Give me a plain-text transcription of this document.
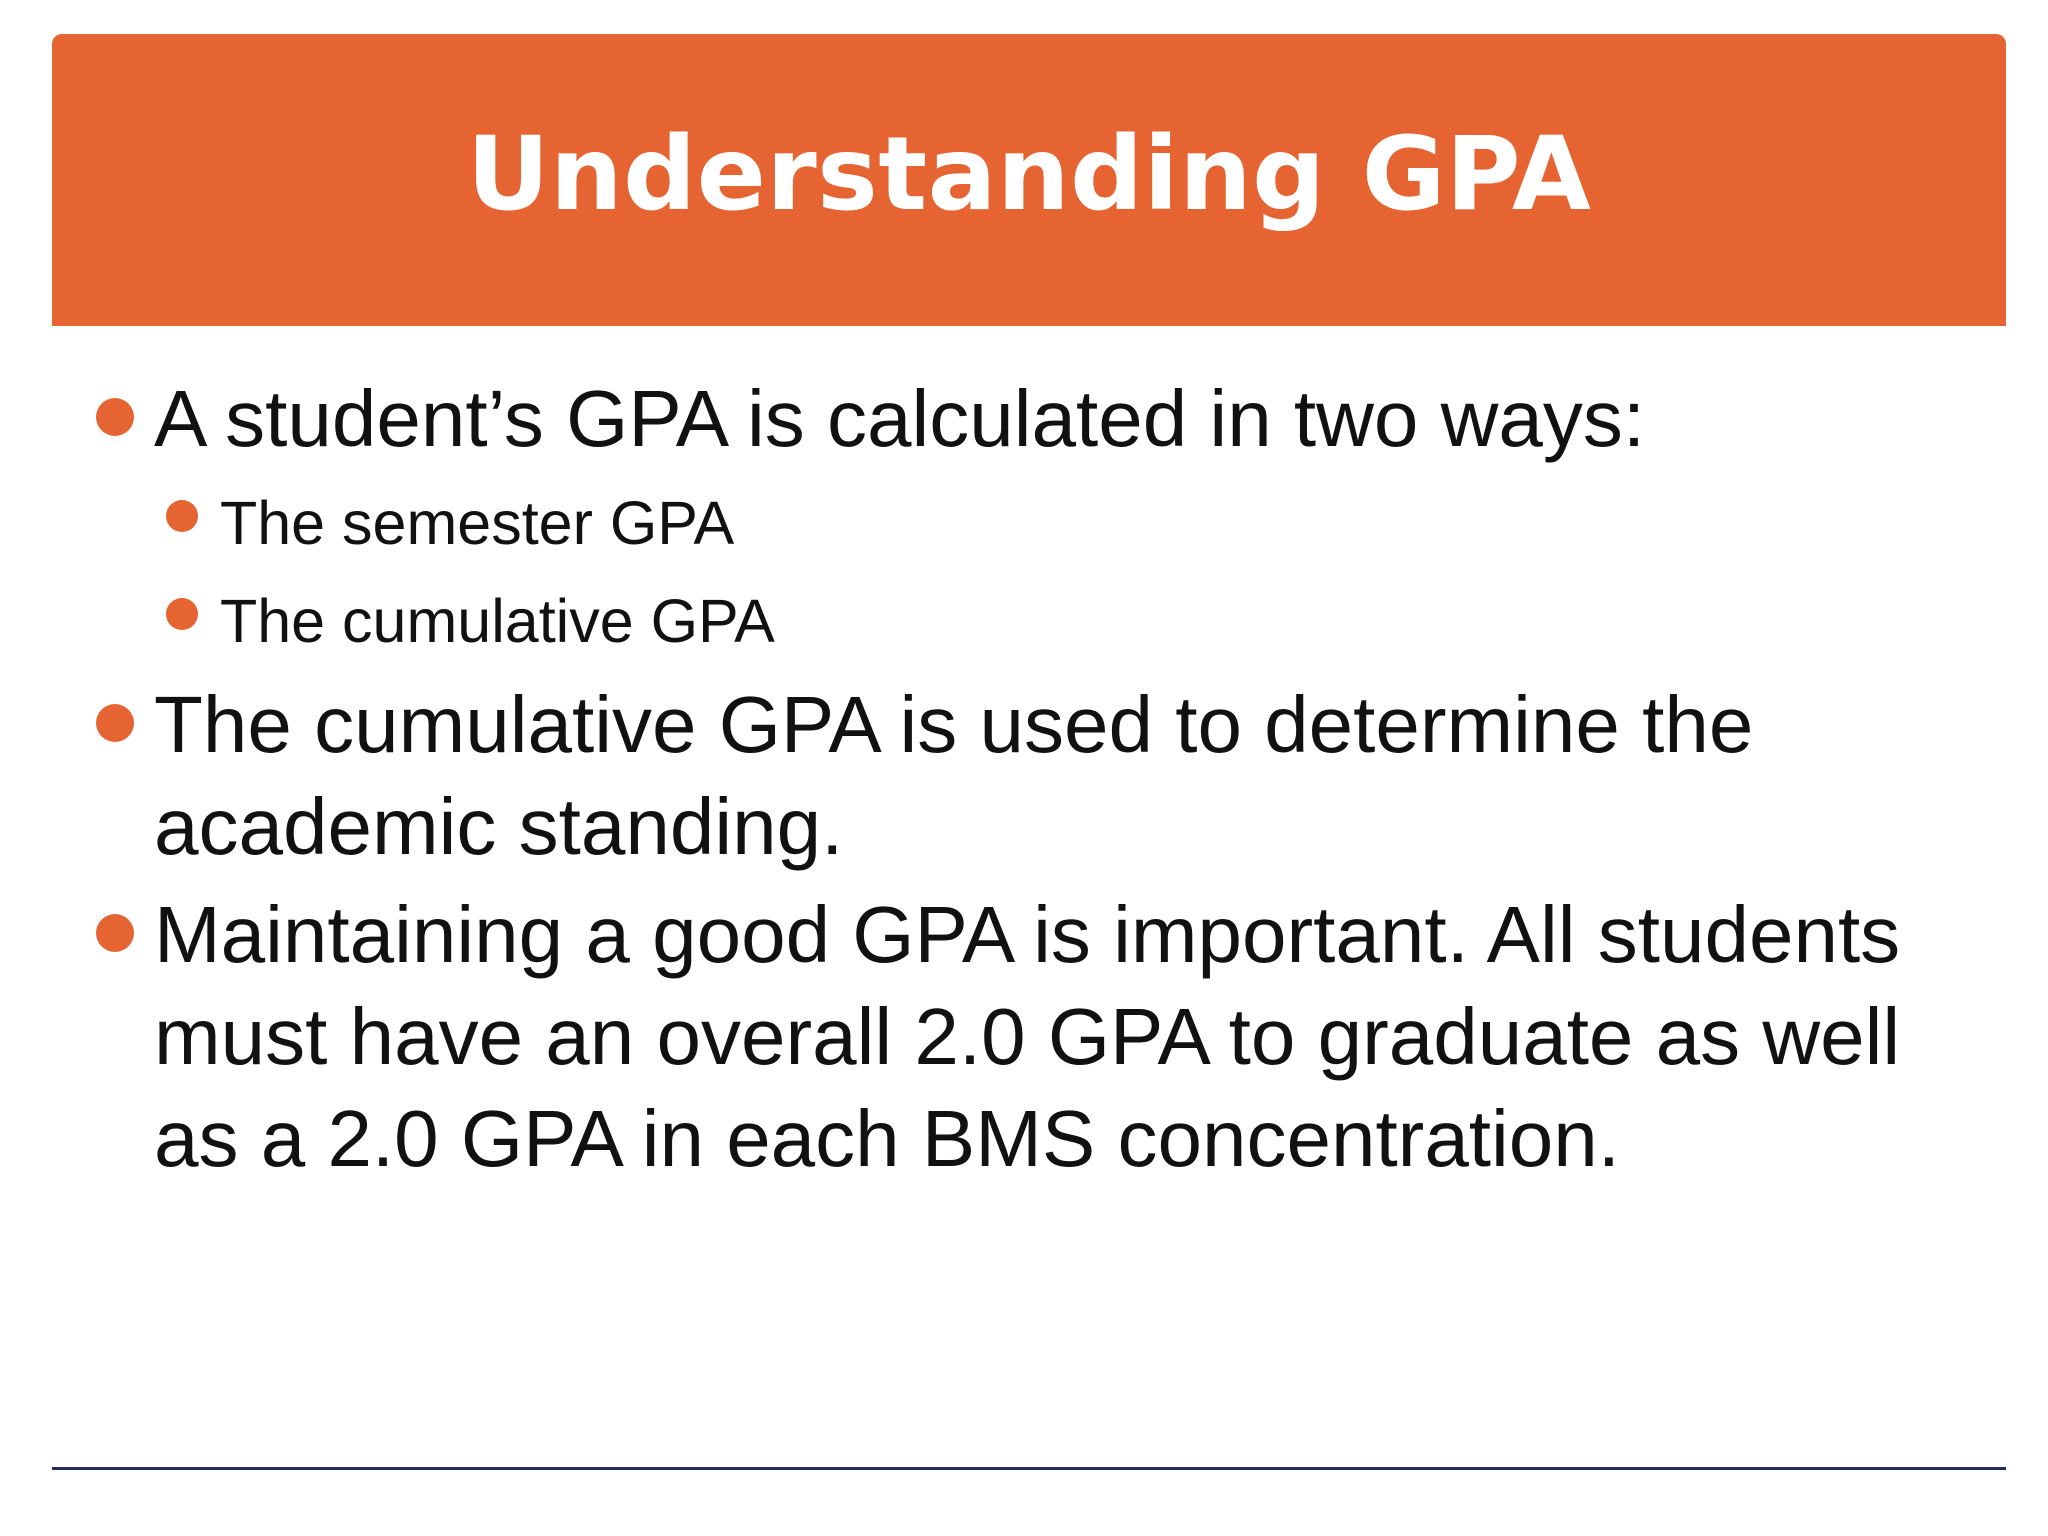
Understanding GPA
A student’s GPA is calculated in two ways:
The semester GPA
The cumulative GPA
The cumulative GPA is used to determine the academic standing.
Maintaining a good GPA is important. All students must have an overall 2.0 GPA to graduate as well as a 2.0 GPA in each BMS concentration.
